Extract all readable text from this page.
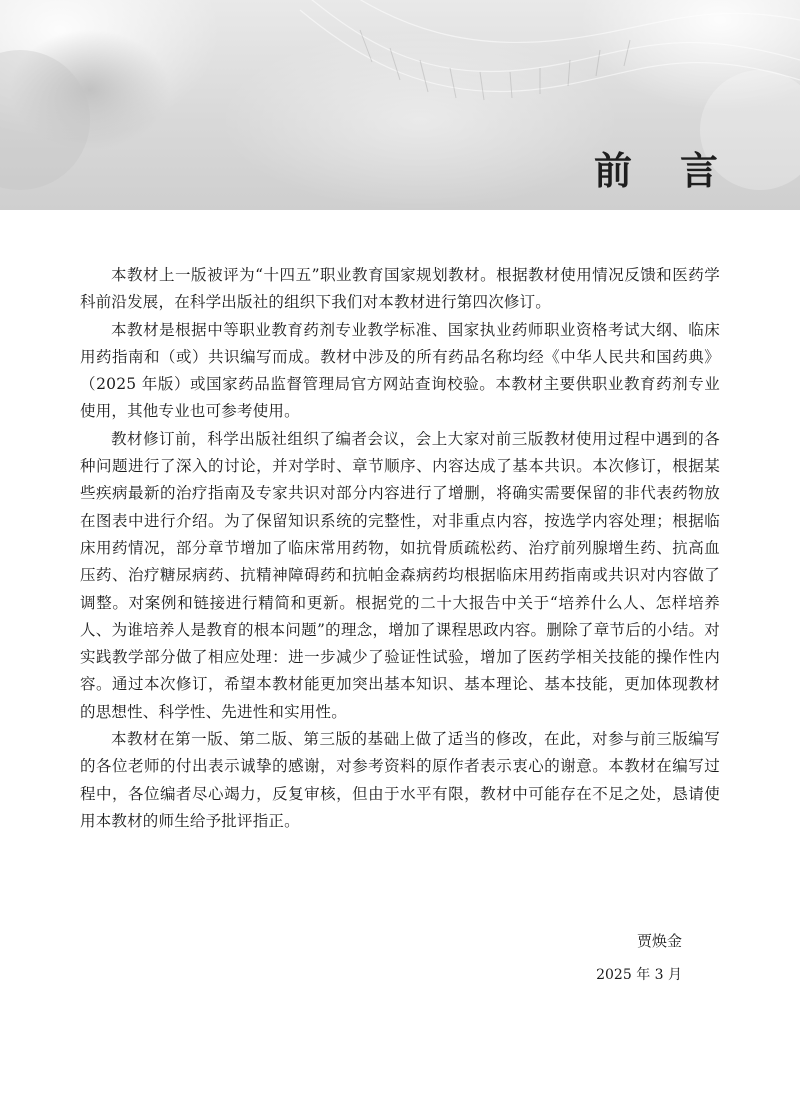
前言

本教材上一版被评为“十四五”职业教育国家规划教材。根据教材使用情况反馈和医药学科前沿发展，在科学出版社的组织下我们对本教材进行第四次修订。

本教材是根据中等职业教育药剂专业教学标准、国家执业药师职业资格考试大纲、临床用药指南和（或）共识编写而成。教材中涉及的所有药品名称均经《中华人民共和国药典》（2025 年版）或国家药品监督管理局官方网站查询校验。本教材主要供职业教育药剂专业使用，其他专业也可参考使用。

教材修订前，科学出版社组织了编者会议，会上大家对前三版教材使用过程中遇到的各种问题进行了深入的讨论，并对学时、章节顺序、内容达成了基本共识。本次修订，根据某些疾病最新的治疗指南及专家共识对部分内容进行了增删，将确实需要保留的非代表药物放在图表中进行介绍。为了保留知识系统的完整性，对非重点内容，按选学内容处理；根据临床用药情况，部分章节增加了临床常用药物，如抗骨质疏松药、治疗前列腺增生药、抗高血压药、治疗糖尿病药、抗精神障碍药和抗帕金森病药均根据临床用药指南或共识对内容做了调整。对案例和链接进行精简和更新。根据党的二十大报告中关于“培养什么人、怎样培养人、为谁培养人是教育的根本问题”的理念，增加了课程思政内容。删除了章节后的小结。对实践教学部分做了相应处理：进一步减少了验证性试验，增加了医药学相关技能的操作性内容。通过本次修订，希望本教材能更加突出基本知识、基本理论、基本技能，更加体现教材的思想性、科学性、先进性和实用性。

本教材在第一版、第二版、第三版的基础上做了适当的修改，在此，对参与前三版编写的各位老师的付出表示诚挚的感谢，对参考资料的原作者表示衷心的谢意。本教材在编写过程中，各位编者尽心竭力，反复审核，但由于水平有限，教材中可能存在不足之处，恳请使用本教材的师生给予批评指正。

贾焕金
2025 年 3 月
